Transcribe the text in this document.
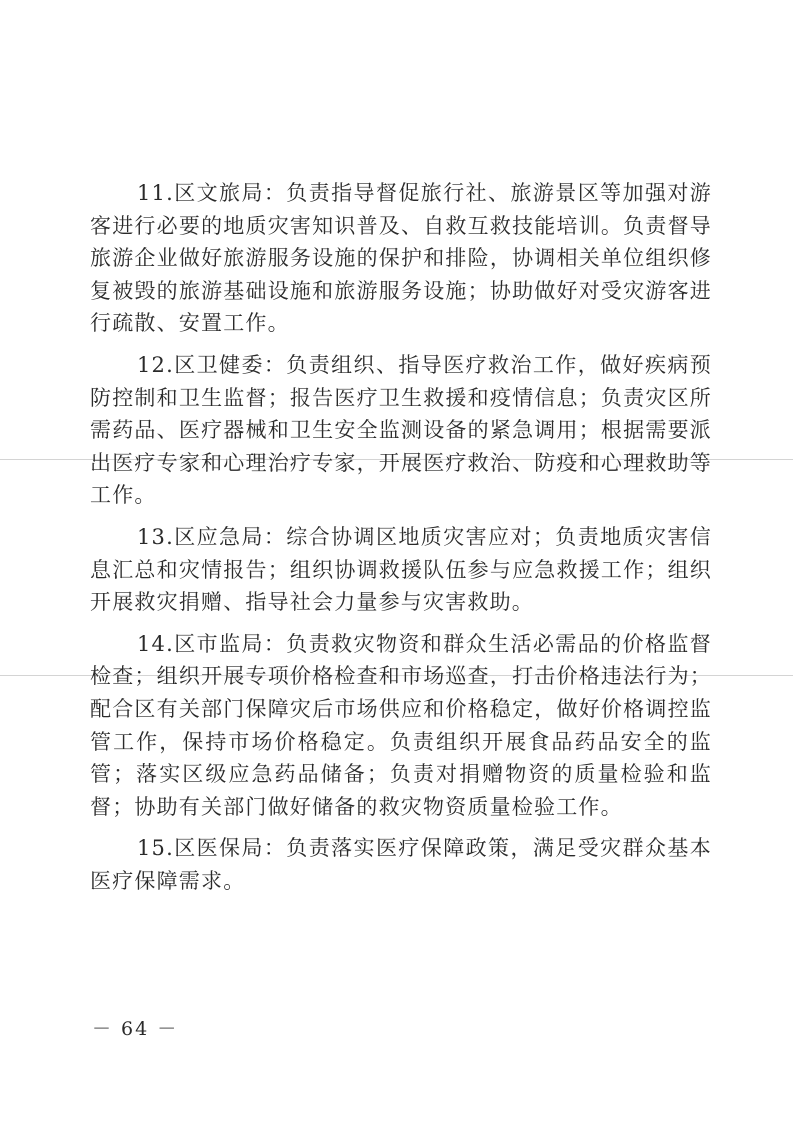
11.区文旅局：负责指导督促旅行社、旅游景区等加强对游客进行必要的地质灾害知识普及、自救互救技能培训。负责督导旅游企业做好旅游服务设施的保护和排险，协调相关单位组织修复被毁的旅游基础设施和旅游服务设施；协助做好对受灾游客进行疏散、安置工作。

12.区卫健委：负责组织、指导医疗救治工作，做好疾病预防控制和卫生监督；报告医疗卫生救援和疫情信息；负责灾区所需药品、医疗器械和卫生安全监测设备的紧急调用；根据需要派出医疗专家和心理治疗专家，开展医疗救治、防疫和心理救助等工作。

13.区应急局：综合协调区地质灾害应对；负责地质灾害信息汇总和灾情报告；组织协调救援队伍参与应急救援工作；组织开展救灾捐赠、指导社会力量参与灾害救助。

14.区市监局：负责救灾物资和群众生活必需品的价格监督检查；组织开展专项价格检查和市场巡查，打击价格违法行为；配合区有关部门保障灾后市场供应和价格稳定，做好价格调控监管工作，保持市场价格稳定。负责组织开展食品药品安全的监管；落实区级应急药品储备；负责对捐赠物资的质量检验和监督；协助有关部门做好储备的救灾物资质量检验工作。

15.区医保局：负责落实医疗保障政策，满足受灾群众基本医疗保障需求。

－ 64 －
